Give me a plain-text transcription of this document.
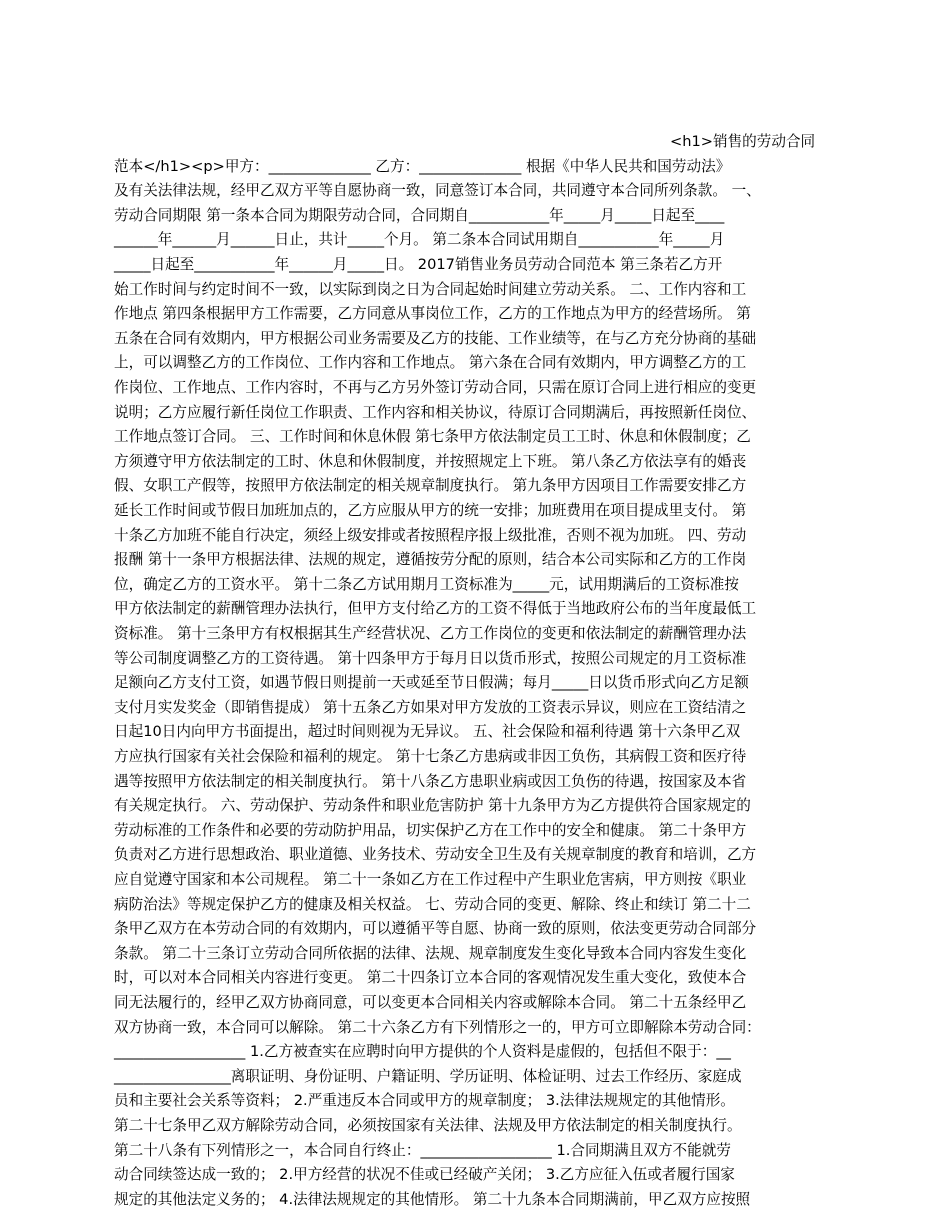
<h1>销售的劳动合同
范本</h1><p>甲方：______________ 乙方：______________ 根据《中华人民共和国劳动法》
及有关法律法规，经甲乙双方平等自愿协商一致，同意签订本合同，共同遵守本合同所列条款。 一、
劳动合同期限 第一条本合同为期限劳动合同，合同期自___________年_____月_____日起至____
______年______月______日止，共计_____个月。 第二条本合同试用期自___________年_____月
_____日起至___________年______月_____日。 2017销售业务员劳动合同范本 第三条若乙方开
始工作时间与约定时间不一致，以实际到岗之日为合同起始时间建立劳动关系。 二、工作内容和工
作地点 第四条根据甲方工作需要，乙方同意从事岗位工作，乙方的工作地点为甲方的经营场所。 第
五条在合同有效期内，甲方根据公司业务需要及乙方的技能、工作业绩等，在与乙方充分协商的基础
上，可以调整乙方的工作岗位、工作内容和工作地点。 第六条在合同有效期内，甲方调整乙方的工
作岗位、工作地点、工作内容时，不再与乙方另外签订劳动合同，只需在原订合同上进行相应的变更
说明；乙方应履行新任岗位工作职责、工作内容和相关协议，待原订合同期满后，再按照新任岗位、
工作地点签订合同。 三、工作时间和休息休假 第七条甲方依法制定员工工时、休息和休假制度；乙
方须遵守甲方依法制定的工时、休息和休假制度，并按照规定上下班。 第八条乙方依法享有的婚丧
假、女职工产假等，按照甲方依法制定的相关规章制度执行。 第九条甲方因项目工作需要安排乙方
延长工作时间或节假日加班加点的，乙方应服从甲方的统一安排；加班费用在项目提成里支付。 第
十条乙方加班不能自行决定，须经上级安排或者按照程序报上级批准，否则不视为加班。 四、劳动
报酬 第十一条甲方根据法律、法规的规定，遵循按劳分配的原则，结合本公司实际和乙方的工作岗
位，确定乙方的工资水平。 第十二条乙方试用期月工资标准为_____元，试用期满后的工资标准按
甲方依法制定的薪酬管理办法执行，但甲方支付给乙方的工资不得低于当地政府公布的当年度最低工
资标准。 第十三条甲方有权根据其生产经营状况、乙方工作岗位的变更和依法制定的薪酬管理办法
等公司制度调整乙方的工资待遇。 第十四条甲方于每月日以货币形式，按照公司规定的月工资标准
足额向乙方支付工资，如遇节假日则提前一天或延至节日假满；每月_____日以货币形式向乙方足额
支付月实发奖金（即销售提成） 第十五条乙方如果对甲方发放的工资表示异议，则应在工资结清之
日起10日内向甲方书面提出，超过时间则视为无异议。 五、社会保险和福利待遇 第十六条甲乙双
方应执行国家有关社会保险和福利的规定。 第十七条乙方患病或非因工负伤，其病假工资和医疗待
遇等按照甲方依法制定的相关制度执行。 第十八条乙方患职业病或因工负伤的待遇，按国家及本省
有关规定执行。 六、劳动保护、劳动条件和职业危害防护 第十九条甲方为乙方提供符合国家规定的
劳动标准的工作条件和必要的劳动防护用品，切实保护乙方在工作中的安全和健康。 第二十条甲方
负责对乙方进行思想政治、职业道德、业务技术、劳动安全卫生及有关规章制度的教育和培训，乙方
应自觉遵守国家和本公司规程。 第二十一条如乙方在工作过程中产生职业危害病，甲方则按《职业
病防治法》等规定保护乙方的健康及相关权益。 七、劳动合同的变更、解除、终止和续订 第二十二
条甲乙双方在本劳动合同的有效期内，可以遵循平等自愿、协商一致的原则，依法变更劳动合同部分
条款。 第二十三条订立劳动合同所依据的法律、法规、规章制度发生变化导致本合同内容发生变化
时，可以对本合同相关内容进行变更。 第二十四条订立本合同的客观情况发生重大变化，致使本合
同无法履行的，经甲乙双方协商同意，可以变更本合同相关内容或解除本合同。 第二十五条经甲乙
双方协商一致，本合同可以解除。 第二十六条乙方有下列情形之一的，甲方可立即解除本劳动合同：
__________________ 1.乙方被查实在应聘时向甲方提供的个人资料是虚假的，包括但不限于：__
________________离职证明、身份证明、户籍证明、学历证明、体检证明、过去工作经历、家庭成
员和主要社会关系等资料； 2.严重违反本合同或甲方的规章制度； 3.法律法规规定的其他情形。
第二十七条甲乙双方解除劳动合同，必须按国家有关法律、法规及甲方依法制定的相关制度执行。
第二十八条有下列情形之一，本合同自行终止：__________________ 1.合同期满且双方不能就劳
动合同续签达成一致的； 2.甲方经营的状况不佳或已经破产关闭； 3.乙方应征入伍或者履行国家
规定的其他法定义务的； 4.法律法规规定的其他情形。 第二十九条本合同期满前，甲乙双方应按照
